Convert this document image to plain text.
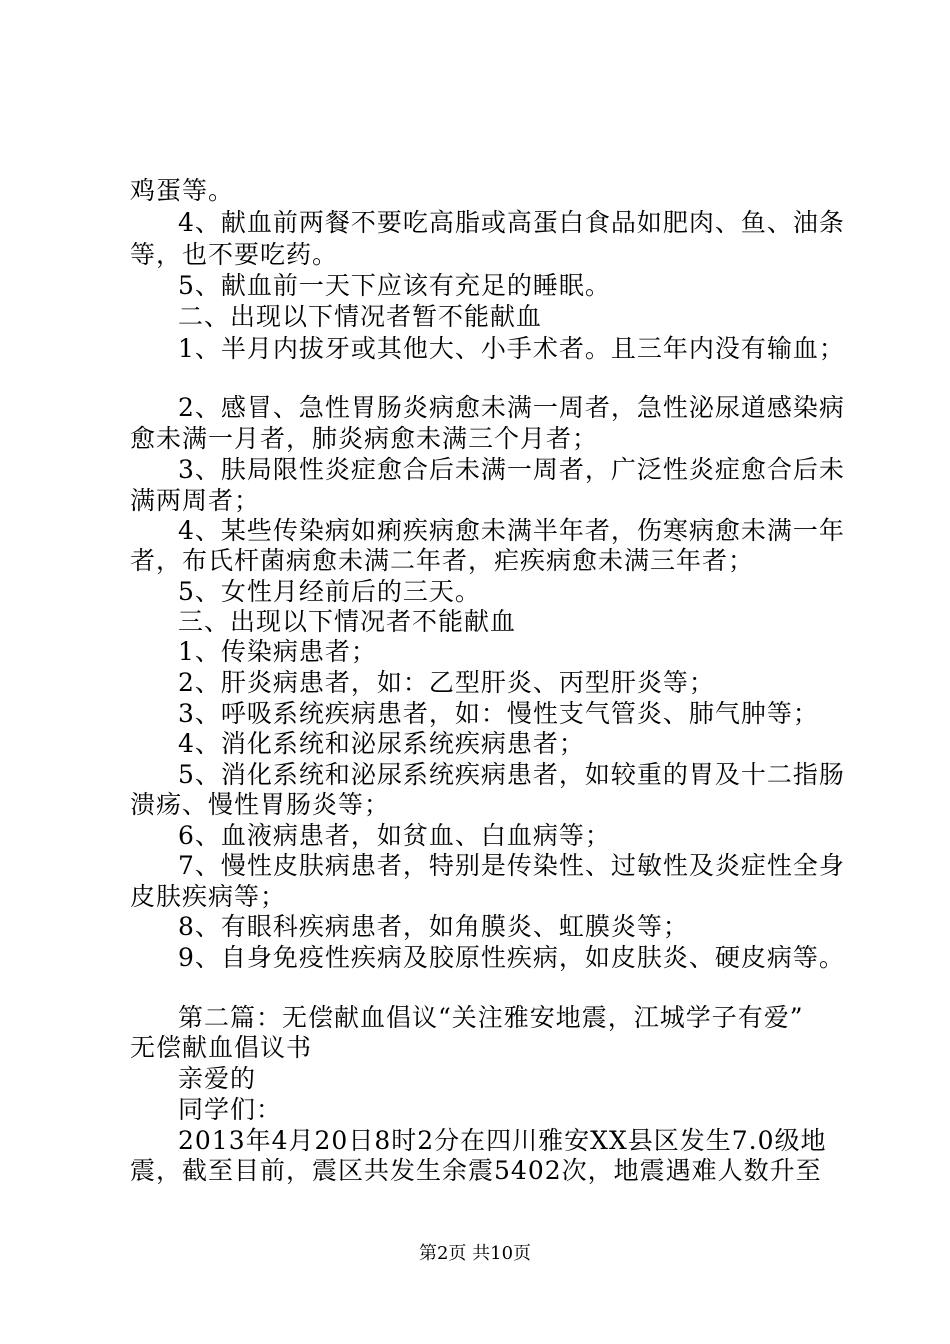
鸡蛋等。
4、献血前两餐不要吃高脂或高蛋白食品如肥肉、鱼、油条
等，也不要吃药。
5、献血前一天下应该有充足的睡眠。
二、出现以下情况者暂不能献血
1、半月内拔牙或其他大、小手术者。且三年内没有输血；
2、感冒、急性胃肠炎病愈未满一周者，急性泌尿道感染病
愈未满一月者，肺炎病愈未满三个月者；
3、肤局限性炎症愈合后未满一周者，广泛性炎症愈合后未
满两周者；
4、某些传染病如痢疾病愈未满半年者，伤寒病愈未满一年
者，布氏杆菌病愈未满二年者，疟疾病愈未满三年者；
5、女性月经前后的三天。
三、出现以下情况者不能献血
1、传染病患者；
2、肝炎病患者，如：乙型肝炎、丙型肝炎等；
3、呼吸系统疾病患者，如：慢性支气管炎、肺气肿等；
4、消化系统和泌尿系统疾病患者；
5、消化系统和泌尿系统疾病患者，如较重的胃及十二指肠
溃疡、慢性胃肠炎等；
6、血液病患者，如贫血、白血病等；
7、慢性皮肤病患者，特别是传染性、过敏性及炎症性全身
皮肤疾病等；
8、有眼科疾病患者，如角膜炎、虹膜炎等；
9、自身免疫性疾病及胶原性疾病，如皮肤炎、硬皮病等。
第二篇：无偿献血倡议“关注雅安地震，江城学子有爱”
无偿献血倡议书
亲爱的
同学们：
2013年4月20日8时2分在四川雅安XX县区发生7.0级地
震，截至目前，震区共发生余震5402次，地震遇难人数升至
第2页 共10页
